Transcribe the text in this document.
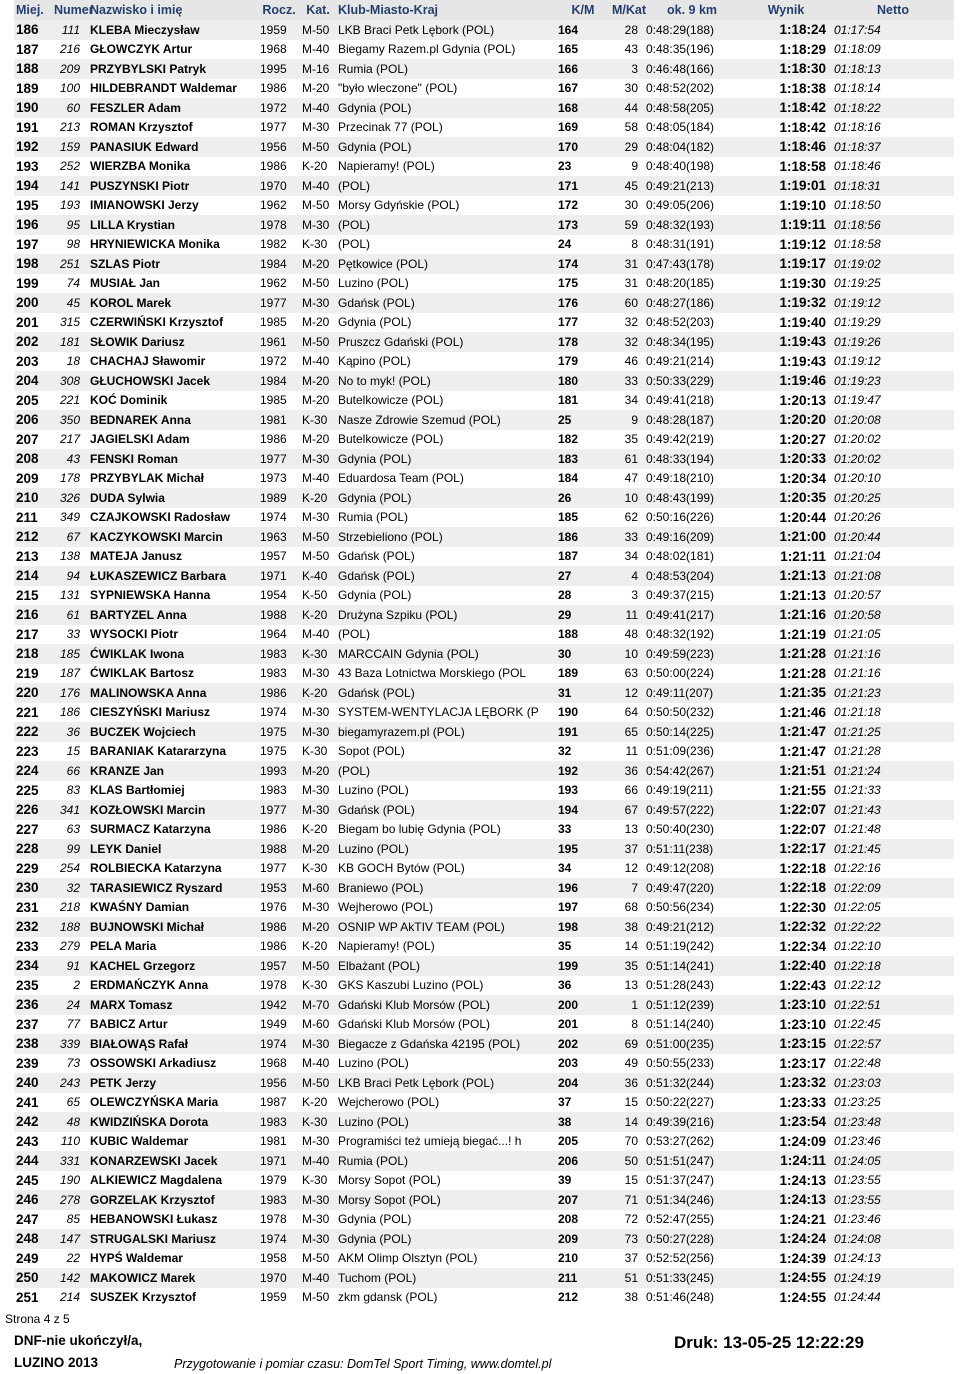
Miej.	Numer	Nazwisko i imię	Rocz.	Kat.	Klub-Miasto-Kraj	K/M	M/Kat	ok. 9 km	Wynik	Netto
186	111	KLEBA Mieczysław	1959	M-50	LKB Braci Petk Lębork (POL)	164	28	0:48:29(188)	1:18:24	01:17:54
187	216	GŁOWCZYK Artur	1968	M-40	Biegamy Razem.pl Gdynia (POL)	165	43	0:48:35(196)	1:18:29	01:18:09
188	209	PRZYBYLSKI Patryk	1995	M-16	Rumia (POL)	166	3	0:46:48(166)	1:18:30	01:18:13
189	100	HILDEBRANDT Waldemar	1986	M-20	"było wleczone" (POL)	167	30	0:48:52(202)	1:18:38	01:18:14
190	60	FESZLER Adam	1972	M-40	Gdynia (POL)	168	44	0:48:58(205)	1:18:42	01:18:22
191	213	ROMAN Krzysztof	1977	M-30	Przecinak 77 (POL)	169	58	0:48:05(184)	1:18:42	01:18:16
192	159	PANASIUK Edward	1956	M-50	Gdynia (POL)	170	29	0:48:04(182)	1:18:46	01:18:37
193	252	WIERZBA Monika	1986	K-20	Napieramy! (POL)	23	9	0:48:40(198)	1:18:58	01:18:46
194	141	PUSZYNSKI Piotr	1970	M-40	(POL)	171	45	0:49:21(213)	1:19:01	01:18:31
195	193	IMIANOWSKI Jerzy	1962	M-50	Morsy Gdyńskie (POL)	172	30	0:49:05(206)	1:19:10	01:18:50
196	95	LILLA Krystian	1978	M-30	(POL)	173	59	0:48:32(193)	1:19:11	01:18:56
197	98	HRYNIEWICKA Monika	1982	K-30	(POL)	24	8	0:48:31(191)	1:19:12	01:18:58
198	251	SZLAS Piotr	1984	M-20	Pętkowice (POL)	174	31	0:47:43(178)	1:19:17	01:19:02
199	74	MUSIAŁ Jan	1962	M-50	Luzino (POL)	175	31	0:48:20(185)	1:19:30	01:19:25
200	45	KOROL Marek	1977	M-30	Gdańsk (POL)	176	60	0:48:27(186)	1:19:32	01:19:12
201	315	CZERWIŃSKI Krzysztof	1985	M-20	Gdynia (POL)	177	32	0:48:52(203)	1:19:40	01:19:29
202	181	SŁOWIK Dariusz	1961	M-50	Pruszcz Gdański (POL)	178	32	0:48:34(195)	1:19:43	01:19:26
203	18	CHACHAJ Sławomir	1972	M-40	Kąpino (POL)	179	46	0:49:21(214)	1:19:43	01:19:12
204	308	GŁUCHOWSKI Jacek	1984	M-20	No to myk! (POL)	180	33	0:50:33(229)	1:19:46	01:19:23
205	221	KOĆ Dominik	1985	M-20	Butelkowicze (POL)	181	34	0:49:41(218)	1:20:13	01:19:47
206	350	BEDNAREK Anna	1981	K-30	Nasze Zdrowie Szemud (POL)	25	9	0:48:28(187)	1:20:20	01:20:08
207	217	JAGIELSKI Adam	1986	M-20	Butelkowicze (POL)	182	35	0:49:42(219)	1:20:27	01:20:02
208	43	FENSKI Roman	1977	M-30	Gdynia (POL)	183	61	0:48:33(194)	1:20:33	01:20:02
209	178	PRZYBYLAK Michał	1973	M-40	Eduardosa Team (POL)	184	47	0:49:18(210)	1:20:34	01:20:10
210	326	DUDA Sylwia	1989	K-20	Gdynia (POL)	26	10	0:48:43(199)	1:20:35	01:20:25
211	349	CZAJKOWSKI Radosław	1974	M-30	Rumia (POL)	185	62	0:50:16(226)	1:20:44	01:20:26
212	67	KACZYKOWSKI Marcin	1963	M-50	Strzebieliono (POL)	186	33	0:49:16(209)	1:21:00	01:20:44
213	138	MATEJA Janusz	1957	M-50	Gdańsk (POL)	187	34	0:48:02(181)	1:21:11	01:21:04
214	94	ŁUKASZEWICZ Barbara	1971	K-40	Gdańsk (POL)	27	4	0:48:53(204)	1:21:13	01:21:08
215	131	SYPNIEWSKA Hanna	1954	K-50	Gdynia (POL)	28	3	0:49:37(215)	1:21:13	01:20:57
216	61	BARTYZEL Anna	1988	K-20	Drużyna Szpiku (POL)	29	11	0:49:41(217)	1:21:16	01:20:58
217	33	WYSOCKI Piotr	1964	M-40	(POL)	188	48	0:48:32(192)	1:21:19	01:21:05
218	185	ĆWIKLAK Iwona	1983	K-30	MARCCAIN Gdynia (POL)	30	10	0:49:59(223)	1:21:28	01:21:16
219	187	ĆWIKLAK Bartosz	1983	M-30	43 Baza Lotnictwa Morskiego (POL	189	63	0:50:00(224)	1:21:28	01:21:16
220	176	MALINOWSKA Anna	1986	K-20	Gdańsk (POL)	31	12	0:49:11(207)	1:21:35	01:21:23
221	186	CIESZYŃSKI Mariusz	1974	M-30	SYSTEM-WENTYLACJA LĘBORK (P	190	64	0:50:50(232)	1:21:46	01:21:18
222	36	BUCZEK Wojciech	1975	M-30	biegamyrazem.pl (POL)	191	65	0:50:14(225)	1:21:47	01:21:25
223	15	BARANIAK Katararzyna	1975	K-30	Sopot (POL)	32	11	0:51:09(236)	1:21:47	01:21:28
224	66	KRANZE Jan	1993	M-20	(POL)	192	36	0:54:42(267)	1:21:51	01:21:24
225	83	KLAS Bartłomiej	1983	M-30	Luzino (POL)	193	66	0:49:19(211)	1:21:55	01:21:33
226	341	KOZŁOWSKI Marcin	1977	M-30	Gdańsk (POL)	194	67	0:49:57(222)	1:22:07	01:21:43
227	63	SURMACZ Katarzyna	1986	K-20	Biegam bo lubię Gdynia (POL)	33	13	0:50:40(230)	1:22:07	01:21:48
228	99	LEYK Daniel	1988	M-20	Luzino (POL)	195	37	0:51:11(238)	1:22:17	01:21:45
229	254	ROLBIECKA Katarzyna	1977	K-30	KB GOCH Bytów (POL)	34	12	0:49:12(208)	1:22:18	01:22:16
230	32	TARASIEWICZ Ryszard	1953	M-60	Braniewo (POL)	196	7	0:49:47(220)	1:22:18	01:22:09
231	218	KWAŚNY Damian	1976	M-30	Wejherowo (POL)	197	68	0:50:56(234)	1:22:30	01:22:05
232	188	BUJNOWSKI Michał	1986	M-20	OSNIP WP AkTIV TEAM (POL)	198	38	0:49:21(212)	1:22:32	01:22:22
233	279	PELA Maria	1986	K-20	Napieramy! (POL)	35	14	0:51:19(242)	1:22:34	01:22:10
234	91	KACHEL Grzegorz	1957	M-50	Elbażant (POL)	199	35	0:51:14(241)	1:22:40	01:22:18
235	2	ERDMAŃCZYK Anna	1978	K-30	GKS Kaszubi Luzino (POL)	36	13	0:51:28(243)	1:22:43	01:22:12
236	24	MARX Tomasz	1942	M-70	Gdański Klub Morsów (POL)	200	1	0:51:12(239)	1:23:10	01:22:51
237	77	BABICZ Artur	1949	M-60	Gdański Klub Morsów (POL)	201	8	0:51:14(240)	1:23:10	01:22:45
238	339	BIAŁOWĄS Rafał	1974	M-30	Biegacze z Gdańska 42195 (POL)	202	69	0:51:00(235)	1:23:15	01:22:57
239	73	OSSOWSKI Arkadiusz	1968	M-40	Luzino (POL)	203	49	0:50:55(233)	1:23:17	01:22:48
240	243	PETK Jerzy	1956	M-50	LKB Braci Petk Lębork (POL)	204	36	0:51:32(244)	1:23:32	01:23:03
241	65	OLEWCZYŃSKA Maria	1987	K-20	Wejcherowo (POL)	37	15	0:50:22(227)	1:23:33	01:23:25
242	48	KWIDZIŃSKA Dorota	1983	K-30	Luzino (POL)	38	14	0:49:39(216)	1:23:54	01:23:48
243	110	KUBIC Waldemar	1981	M-30	Programiści też umieją biegać...! h	205	70	0:53:27(262)	1:24:09	01:23:46
244	331	KONARZEWSKI Jacek	1971	M-40	Rumia (POL)	206	50	0:51:51(247)	1:24:11	01:24:05
245	190	ALKIEWICZ Magdalena	1979	K-30	Morsy Sopot (POL)	39	15	0:51:37(247)	1:24:13	01:23:55
246	278	GORZELAK Krzysztof	1983	M-30	Morsy Sopot (POL)	207	71	0:51:34(246)	1:24:13	01:23:55
247	85	HEBANOWSKI Łukasz	1978	M-30	Gdynia (POL)	208	72	0:52:47(255)	1:24:21	01:23:46
248	147	STRUGALSKI Mariusz	1974	M-30	Gdynia (POL)	209	73	0:50:27(228)	1:24:24	01:24:08
249	22	HYPŚ Waldemar	1958	M-50	AKM Olimp Olsztyn (POL)	210	37	0:52:52(256)	1:24:39	01:24:13
250	142	MAKOWICZ Marek	1970	M-40	Tuchom (POL)	211	51	0:51:33(245)	1:24:55	01:24:19
251	214	SUSZEK Krzysztof	1959	M-50	zkm gdansk (POL)	212	38	0:51:46(248)	1:24:55	01:24:44
Strona 4 z 5
DNF-nie ukończył/a,
LUZINO 2013	Przygotowanie i pomiar czasu: DomTel Sport Timing, www.domtel.pl
Druk: 13-05-25 12:22:29
